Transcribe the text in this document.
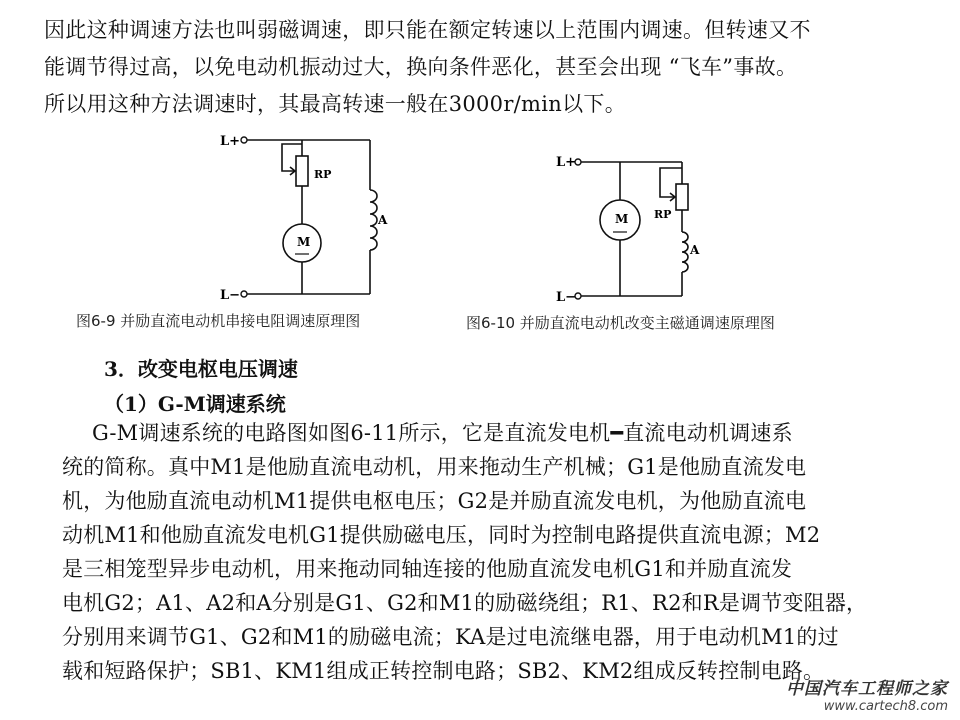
因此这种调速方法也叫弱磁调速，即只能在额定转速以上范围内调速。但转速又不
能调节得过高，以免电动机振动过大，换向条件恶化，甚至会出现 “飞车”事故。
所以用这种方法调速时，其最高转速一般在3000r/min以下。
L+
L−
RP
A
M
图6-9 并励直流电动机串接电阻调速原理图
L+
L−
RP
A
M
图6-10 并励直流电动机改变主磁通调速原理图
3．改变电枢电压调速
（1）G-M调速系统
G-M调速系统的电路图如图6-11所示，它是直流发电机━直流电动机调速系
统的简称。真中M1是他励直流电动机，用来拖动生产机械；G1是他励直流发电
机，为他励直流电动机M1提供电枢电压；G2是并励直流发电机，为他励直流电
动机M1和他励直流发电机G1提供励磁电压，同时为控制电路提供直流电源；M2
是三相笼型异步电动机，用来拖动同轴连接的他励直流发电机G1和并励直流发
电机G2；A1、A2和A分别是G1、G2和M1的励磁绕组；R1、R2和R是调节变阻器，
分别用来调节G1、G2和M1的励磁电流；KA是过电流继电器，用于电动机M1的过
载和短路保护；SB1、KM1组成正转控制电路；SB2、KM2组成反转控制电路。
中国汽车工程师之家
www.cartech8.com
